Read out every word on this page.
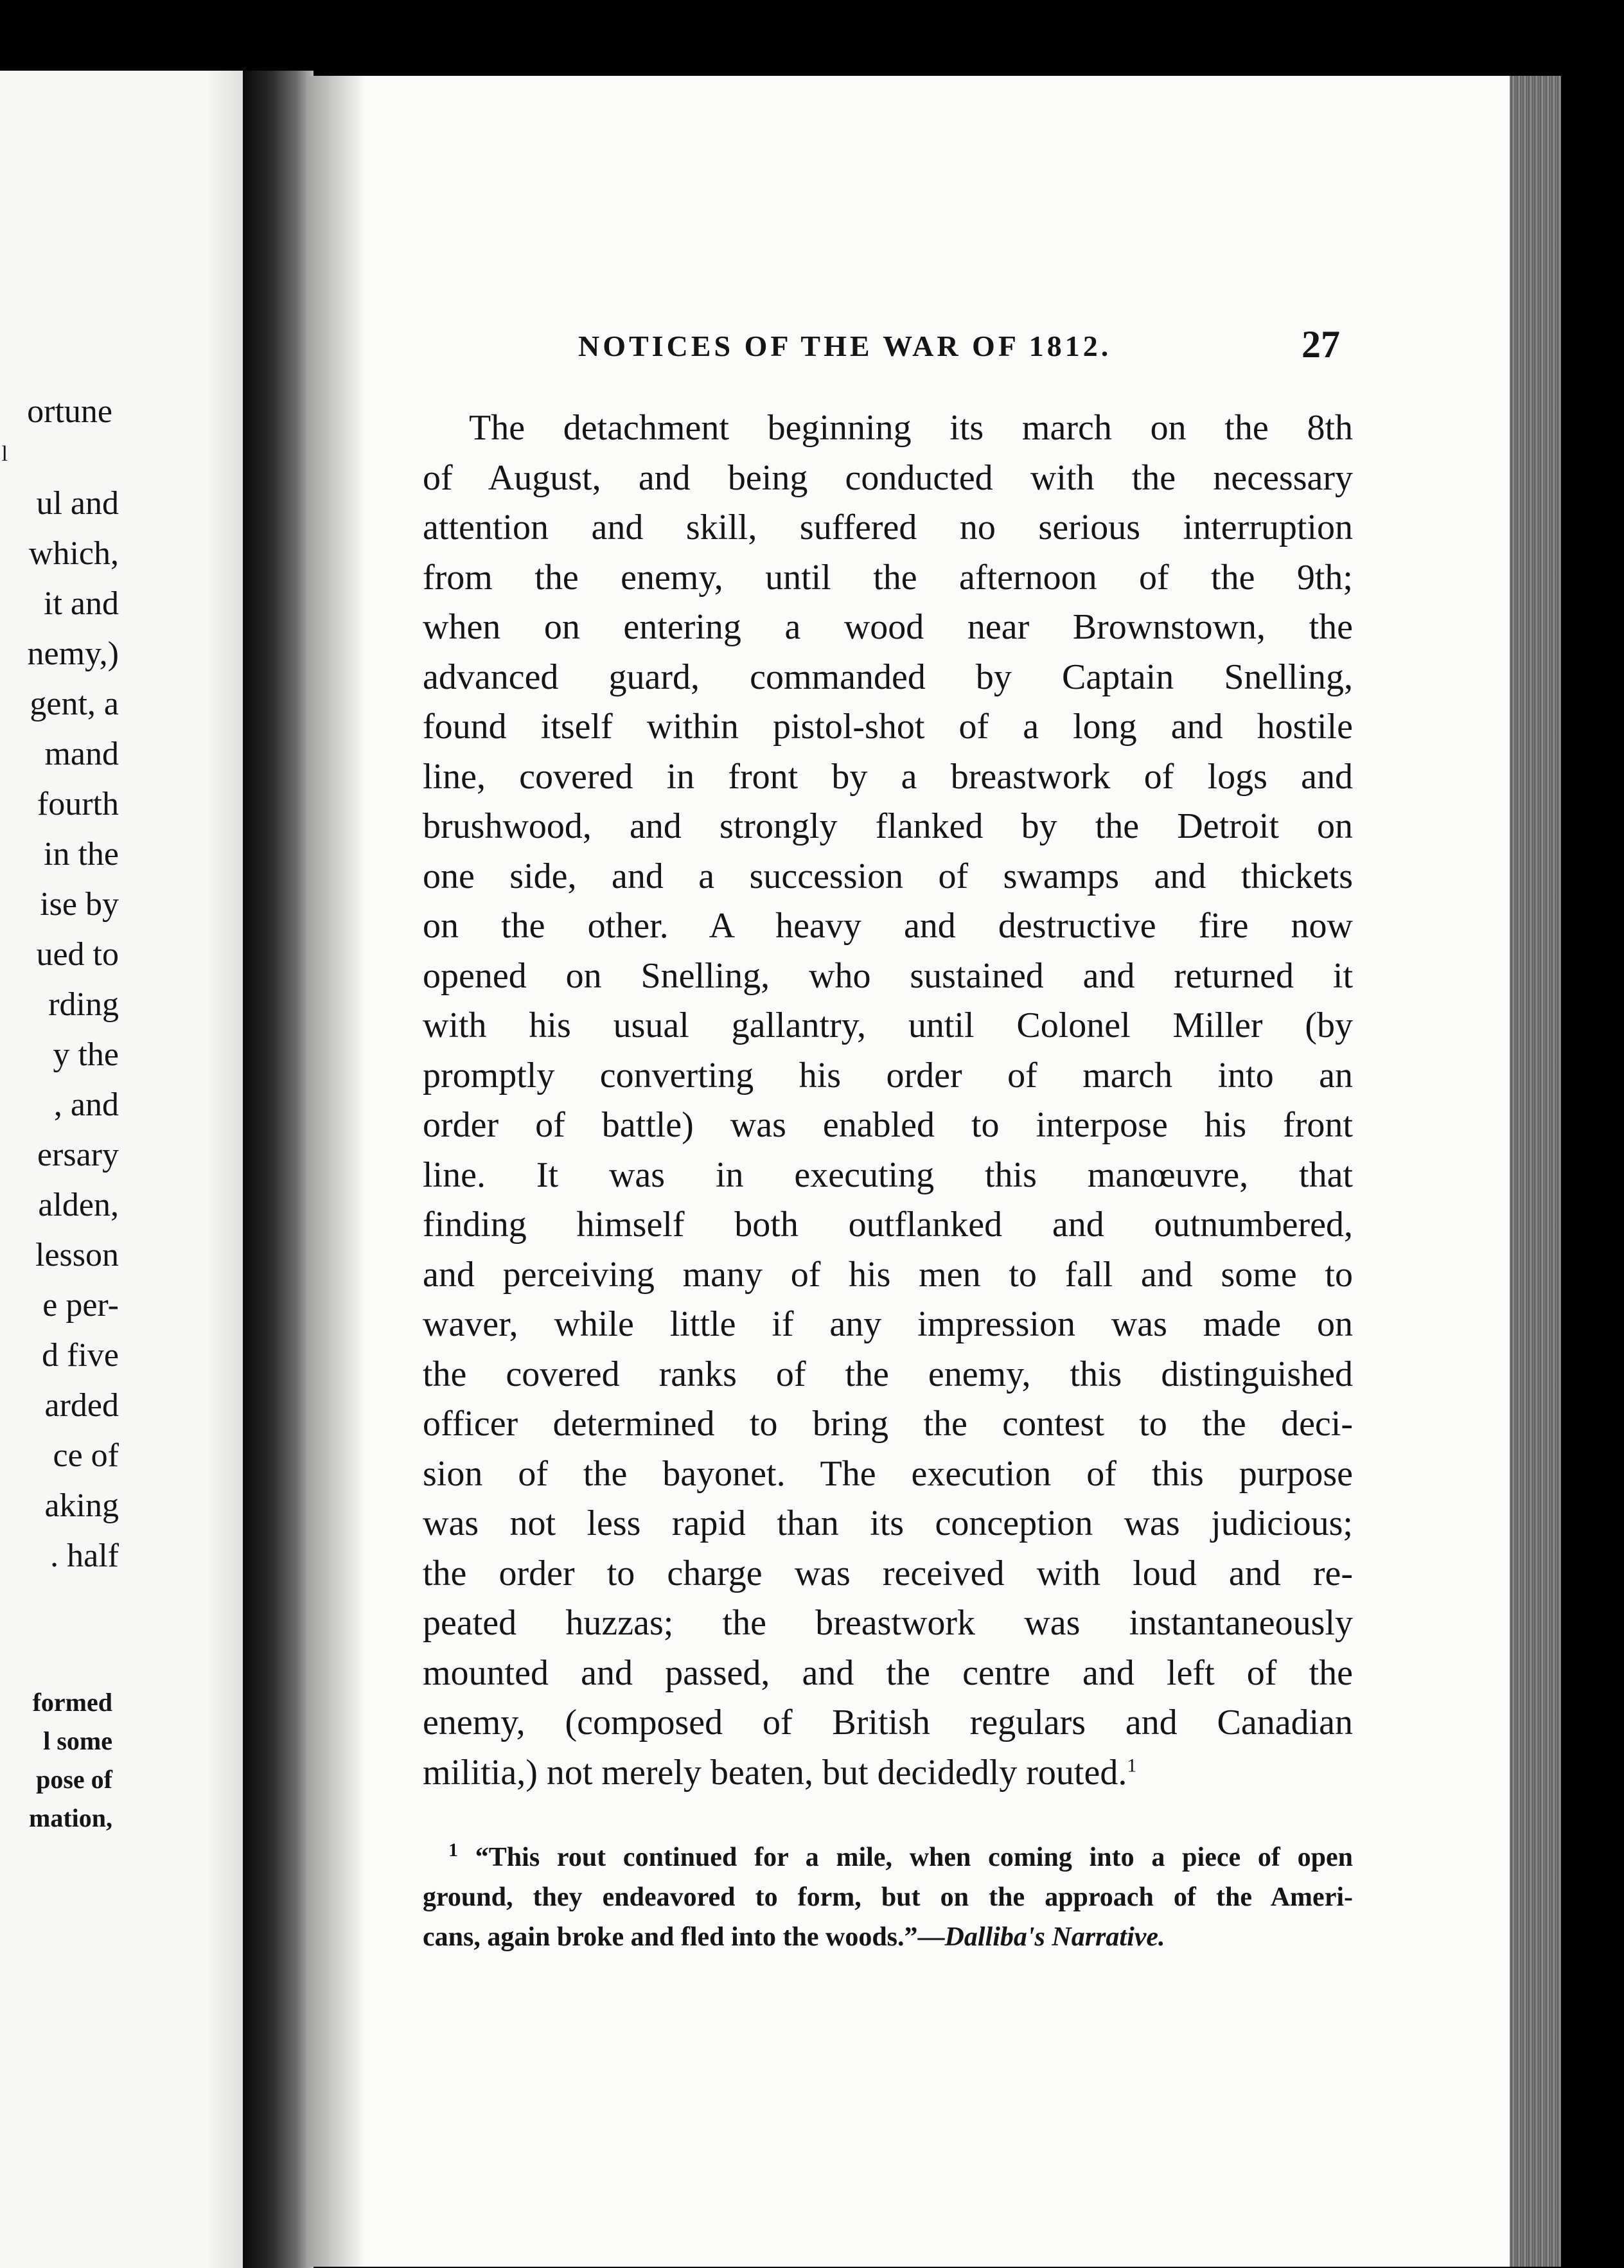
ortune
l
ul and
which,
it and
nemy,)
gent, a
mand
fourth
in the
ise by
ued to
rding
y the
, and
ersary
alden,
lesson
e per-
d five
arded
ce of
aking
. half
formed
l some
pose of
mation,
NOTICES OF THE WAR OF 1812.	27
The detachment beginning its march on the 8th
of August, and being conducted with the necessary
attention and skill, suffered no serious interruption
from the enemy, until the afternoon of the 9th;
when on entering a wood near Brownstown, the
advanced guard, commanded by Captain Snelling,
found itself within pistol-shot of a long and hostile
line, covered in front by a breastwork of logs and
brushwood, and strongly flanked by the Detroit on
one side, and a succession of swamps and thickets
on the other. A heavy and destructive fire now
opened on Snelling, who sustained and returned it
with his usual gallantry, until Colonel Miller (by
promptly converting his order of march into an
order of battle) was enabled to interpose his front
line. It was in executing this manœuvre, that
finding himself both outflanked and outnumbered,
and perceiving many of his men to fall and some to
waver, while little if any impression was made on
the covered ranks of the enemy, this distinguished
officer determined to bring the contest to the deci-
sion of the bayonet. The execution of this purpose
was not less rapid than its conception was judicious;
the order to charge was received with loud and re-
peated huzzas; the breastwork was instantaneously
mounted and passed, and the centre and left of the
enemy, (composed of British regulars and Canadian
militia,) not merely beaten, but decidedly routed.$^1$
$^1$ “This rout continued for a mile, when coming into a piece of open
ground, they endeavored to form, but on the approach of the Ameri-
cans, again broke and fled into the woods.”—Dalliba's Narrative.
